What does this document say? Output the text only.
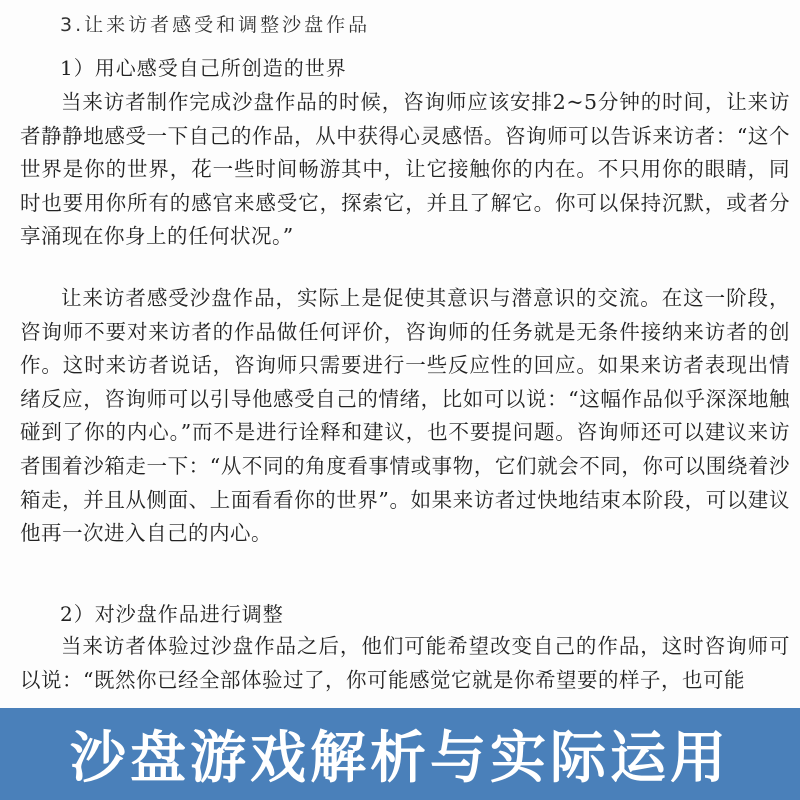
3.让来访者感受和调整沙盘作品
1）用心感受自己所创造的世界

当来访者制作完成沙盘作品的时候，咨询师应该安排2~5分钟的时间，让来访者静静地感受一下自己的作品，从中获得心灵感悟。咨询师可以告诉来访者：“这个世界是你的世界，花一些时间畅游其中，让它接触你的内在。不只用你的眼睛，同时也要用你所有的感官来感受它，探索它，并且了解它。你可以保持沉默，或者分享涌现在你身上的任何状况。”

让来访者感受沙盘作品，实际上是促使其意识与潜意识的交流。在这一阶段，咨询师不要对来访者的作品做任何评价，咨询师的任务就是无条件接纳来访者的创作。这时来访者说话，咨询师只需要进行一些反应性的回应。如果来访者表现出情绪反应，咨询师可以引导他感受自己的情绪，比如可以说：“这幅作品似乎深深地触碰到了你的内心。”而不是进行诠释和建议，也不要提问题。咨询师还可以建议来访者围着沙箱走一下：“从不同的角度看事情或事物，它们就会不同，你可以围绕着沙箱走，并且从侧面、上面看看你的世界”。如果来访者过快地结束本阶段，可以建议他再一次进入自己的内心。

2）对沙盘作品进行调整

当来访者体验过沙盘作品之后，他们可能希望改变自己的作品，这时咨询师可以说：“既然你已经全部体验过了，你可能感觉它就是你希望要的样子，也可能

沙盘游戏解析与实际运用
